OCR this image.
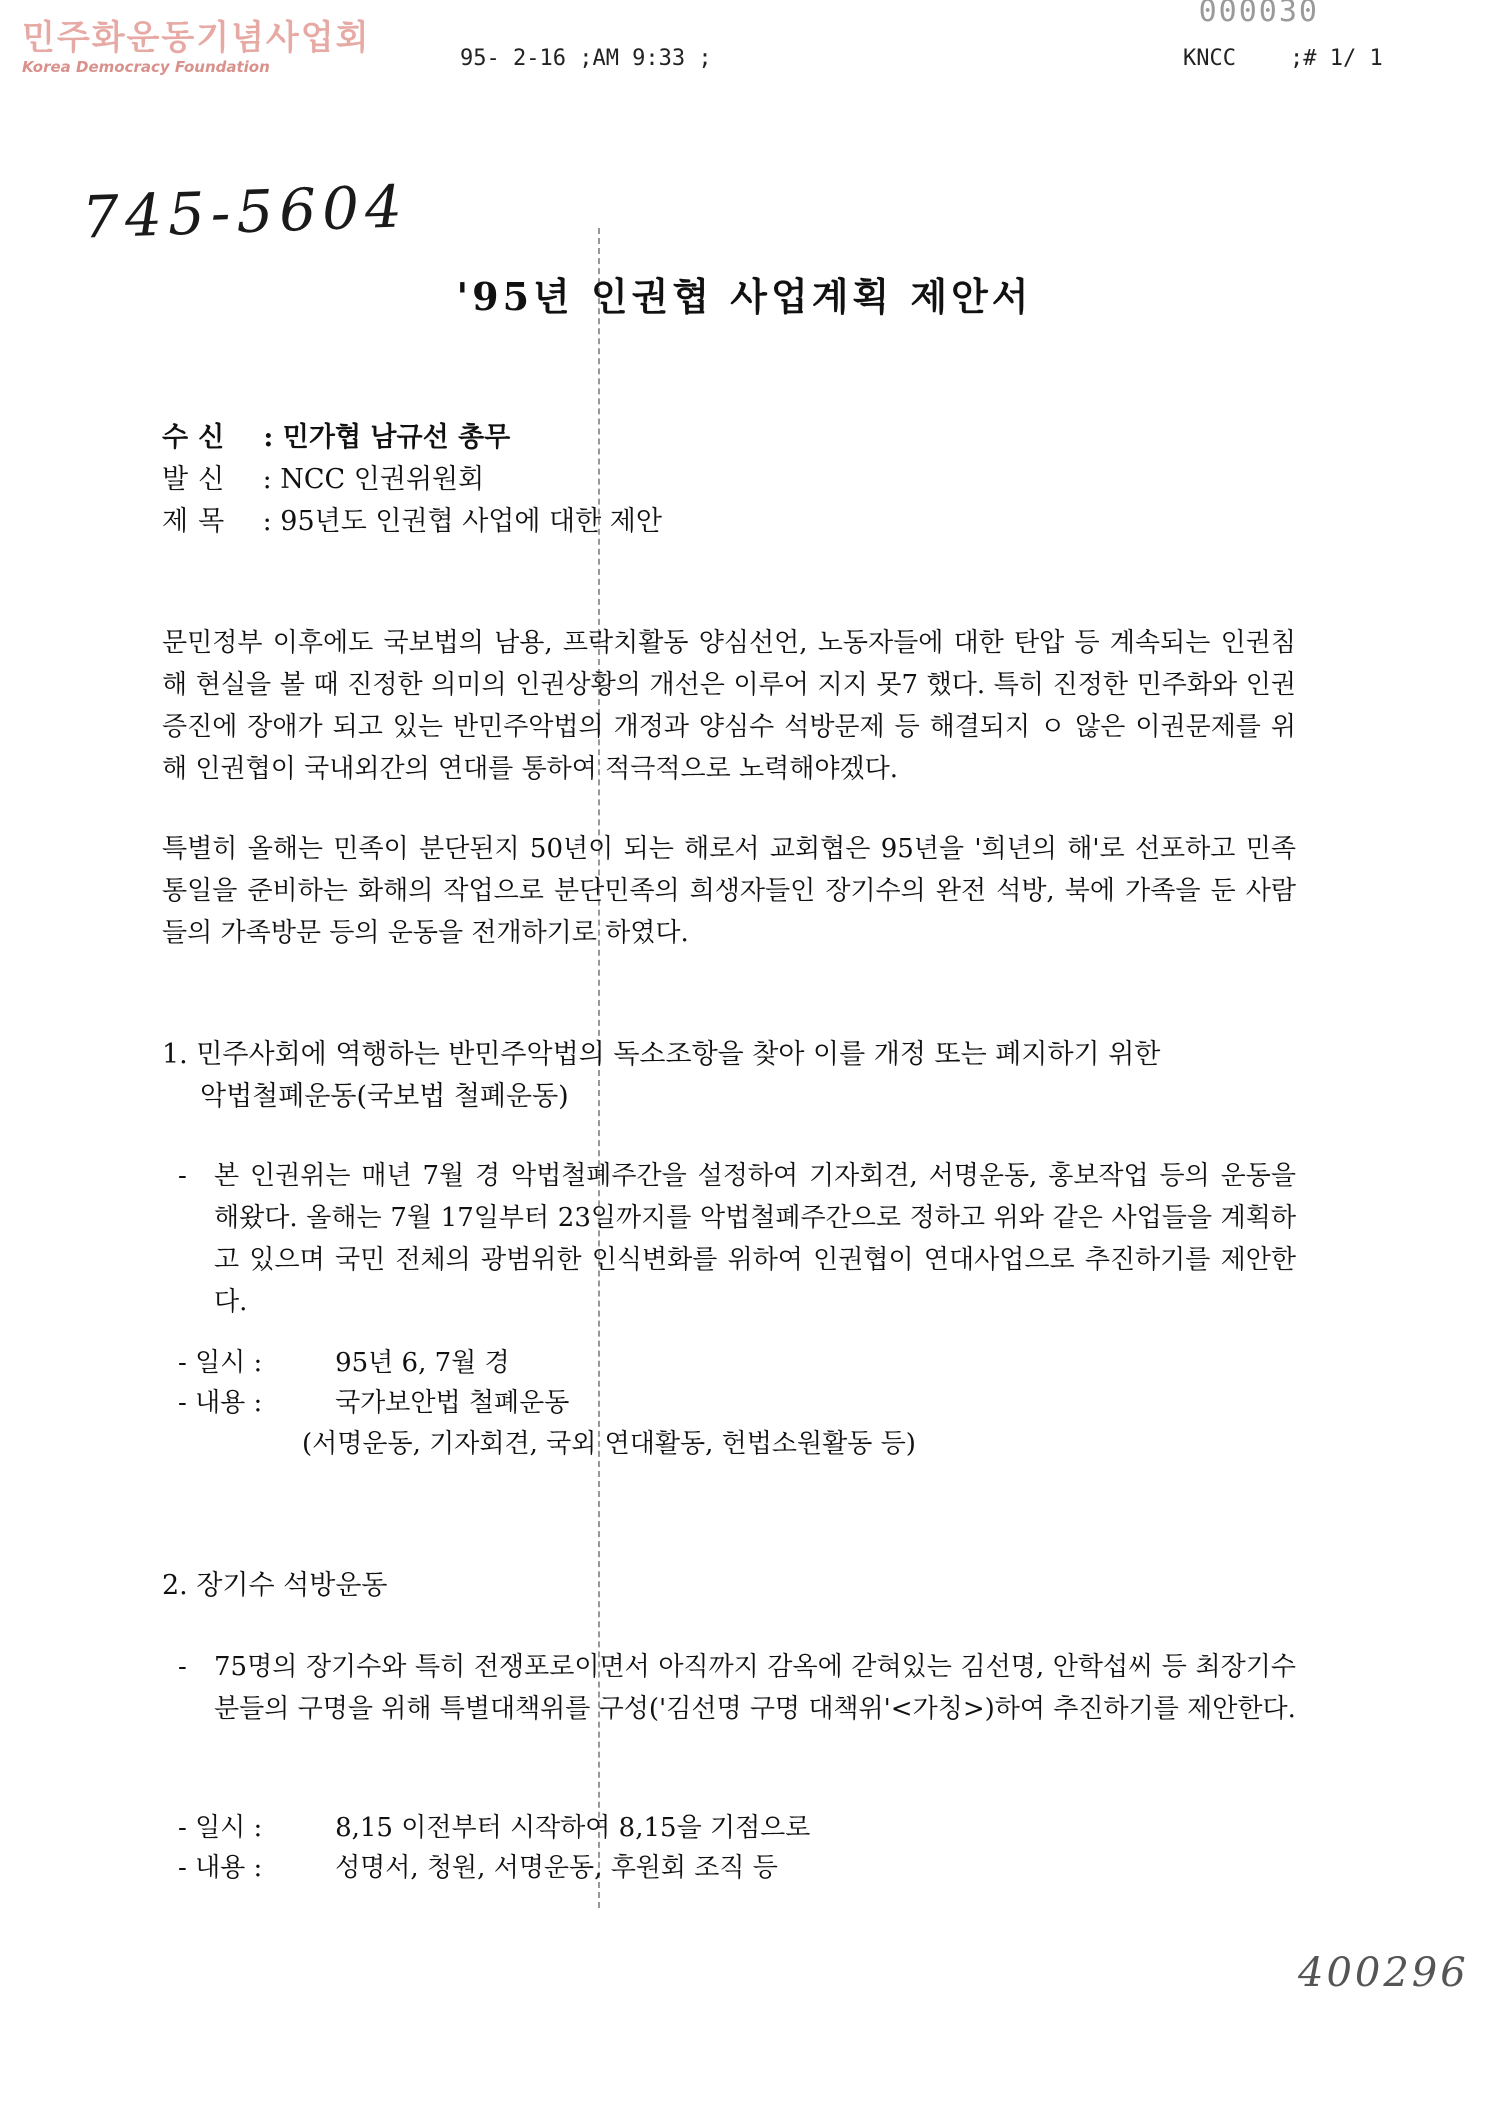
민주화운동기념사업회
Korea Democracy Foundation
000030
95- 2-16 ;AM 9:33 ;	KNCC ;# 1/ 1
745-5604
'95년 인권협 사업계획 제안서
수신 : 민가협 남규선 총무
발신 : NCC 인권위원회
제목 : 95년도 인권협 사업에 대한 제안
문민정부 이후에도 국보법의 남용, 프락치활동 양심선언, 노동자들에 대한 탄압 등 계속되는 인권침해 현실을 볼 때 진정한 의미의 인권상황의 개선은 이루어 지지 못7 했다. 특히 진정한 민주화와 인권증진에 장애가 되고 있는 반민주악법의 개정과 양심수 석방문제 등 해결되지 ㅇ 않은 이권문제를 위해 인권협이 국내외간의 연대를 통하여 적극적으로 노력해야겠다.
특별히 올해는 민족이 분단된지 50년이 되는 해로서 교회협은 95년을 '희년의 해'로 선포하고 민족통일을 준비하는 화해의 작업으로 분단민족의 희생자들인 장기수의 완전 석방, 북에 가족을 둔 사람들의 가족방문 등의 운동을 전개하기로 하였다.
1. 민주사회에 역행하는 반민주악법의 독소조항을 찾아 이를 개정 또는 폐지하기 위한
악법철폐운동(국보법 철폐운동)
-	본 인권위는 매년 7월 경 악법철폐주간을 설정하여 기자회견, 서명운동, 홍보작업 등의 운동을 해왔다. 올해는 7월 17일부터 23일까지를 악법철폐주간으로 정하고 위와 같은 사업들을 계획하고 있으며 국민 전체의 광범위한 인식변화를 위하여 인권협이 연대사업으로 추진하기를 제안한다.
- 일시 :	95년 6, 7월 경
- 내용 :	국가보안법 철폐운동
(서명운동, 기자회견, 국외 연대활동, 헌법소원활동 등)
2. 장기수 석방운동
-	75명의 장기수와 특히 전쟁포로이면서 아직까지 감옥에 갇혀있는 김선명, 안학섭씨 등 최장기수 분들의 구명을 위해 특별대책위를 구성('김선명 구명 대책위'<가칭>)하여 추진하기를 제안한다.
- 일시 :	8,15 이전부터 시작하여 8,15을 기점으로
- 내용 :	성명서, 청원, 서명운동, 후원회 조직 등
400296
